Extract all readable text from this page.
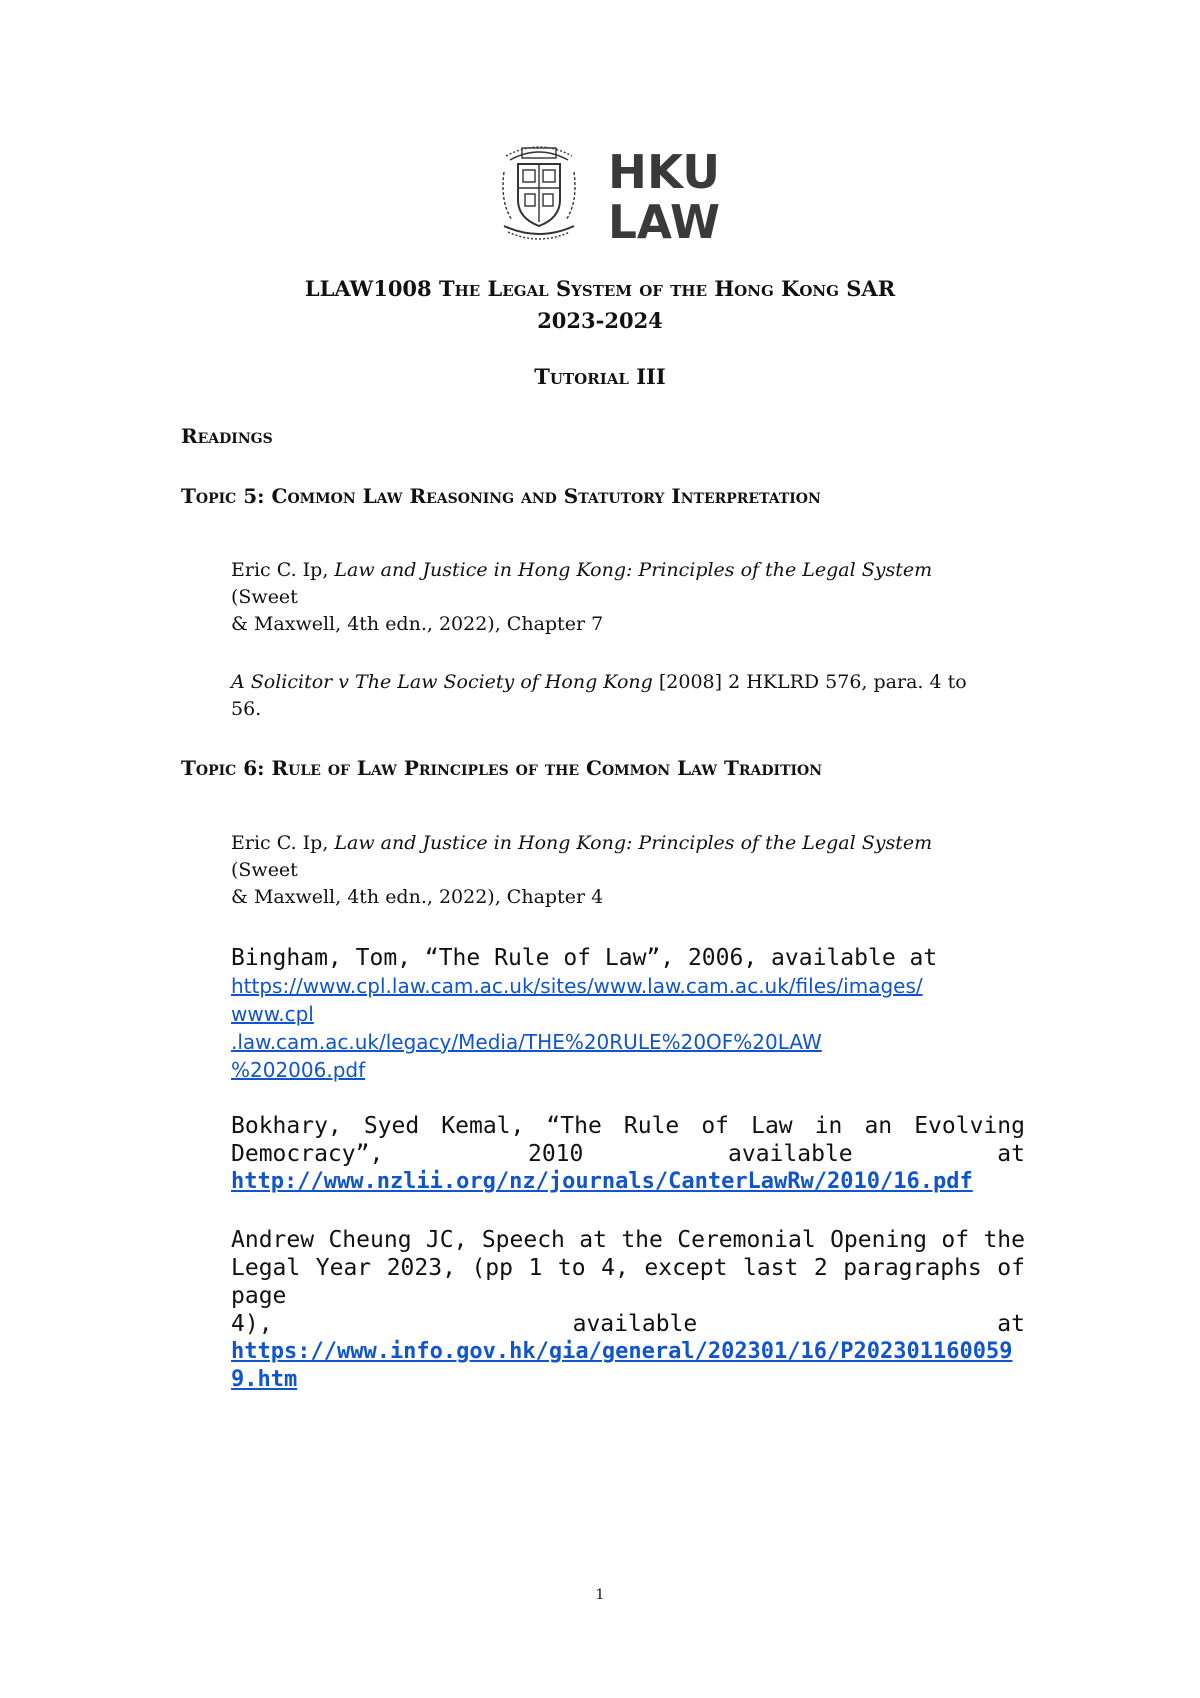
HKU
LAW
LLAW1008 The Legal System of the Hong Kong SAR
2023-2024
Tutorial III
Readings
Topic 5: Common Law Reasoning and Statutory Interpretation
Eric C. Ip, Law and Justice in Hong Kong: Principles of the Legal System
(Sweet
& Maxwell, 4th edn., 2022), Chapter 7
A Solicitor v The Law Society of Hong Kong [2008] 2 HKLRD 576, para. 4 to
56.
Topic 6: Rule of Law Principles of the Common Law Tradition
Eric C. Ip, Law and Justice in Hong Kong: Principles of the Legal System
(Sweet
& Maxwell, 4th edn., 2022), Chapter 4
Bingham, Tom, “The Rule of Law”, 2006, available at
https://www.cpl.law.cam.ac.uk/sites/www.law.cam.ac.uk/files/images/
www.cpl
.law.cam.ac.uk/legacy/Media/THE%20RULE%20OF%20LAW
%202006.pdf
Bokhary, Syed Kemal, “The Rule of Law in an Evolving
Democracy”, 2010 available at
http://www.nzlii.org/nz/journals/CanterLawRw/2010/16.pdf
Andrew Cheung JC, Speech at the Ceremonial Opening of the
Legal Year 2023, (pp 1 to 4, except last 2 paragraphs of page
4), available at
https://www.info.gov.hk/gia/general/202301/16/P202301160059
9.htm
1
